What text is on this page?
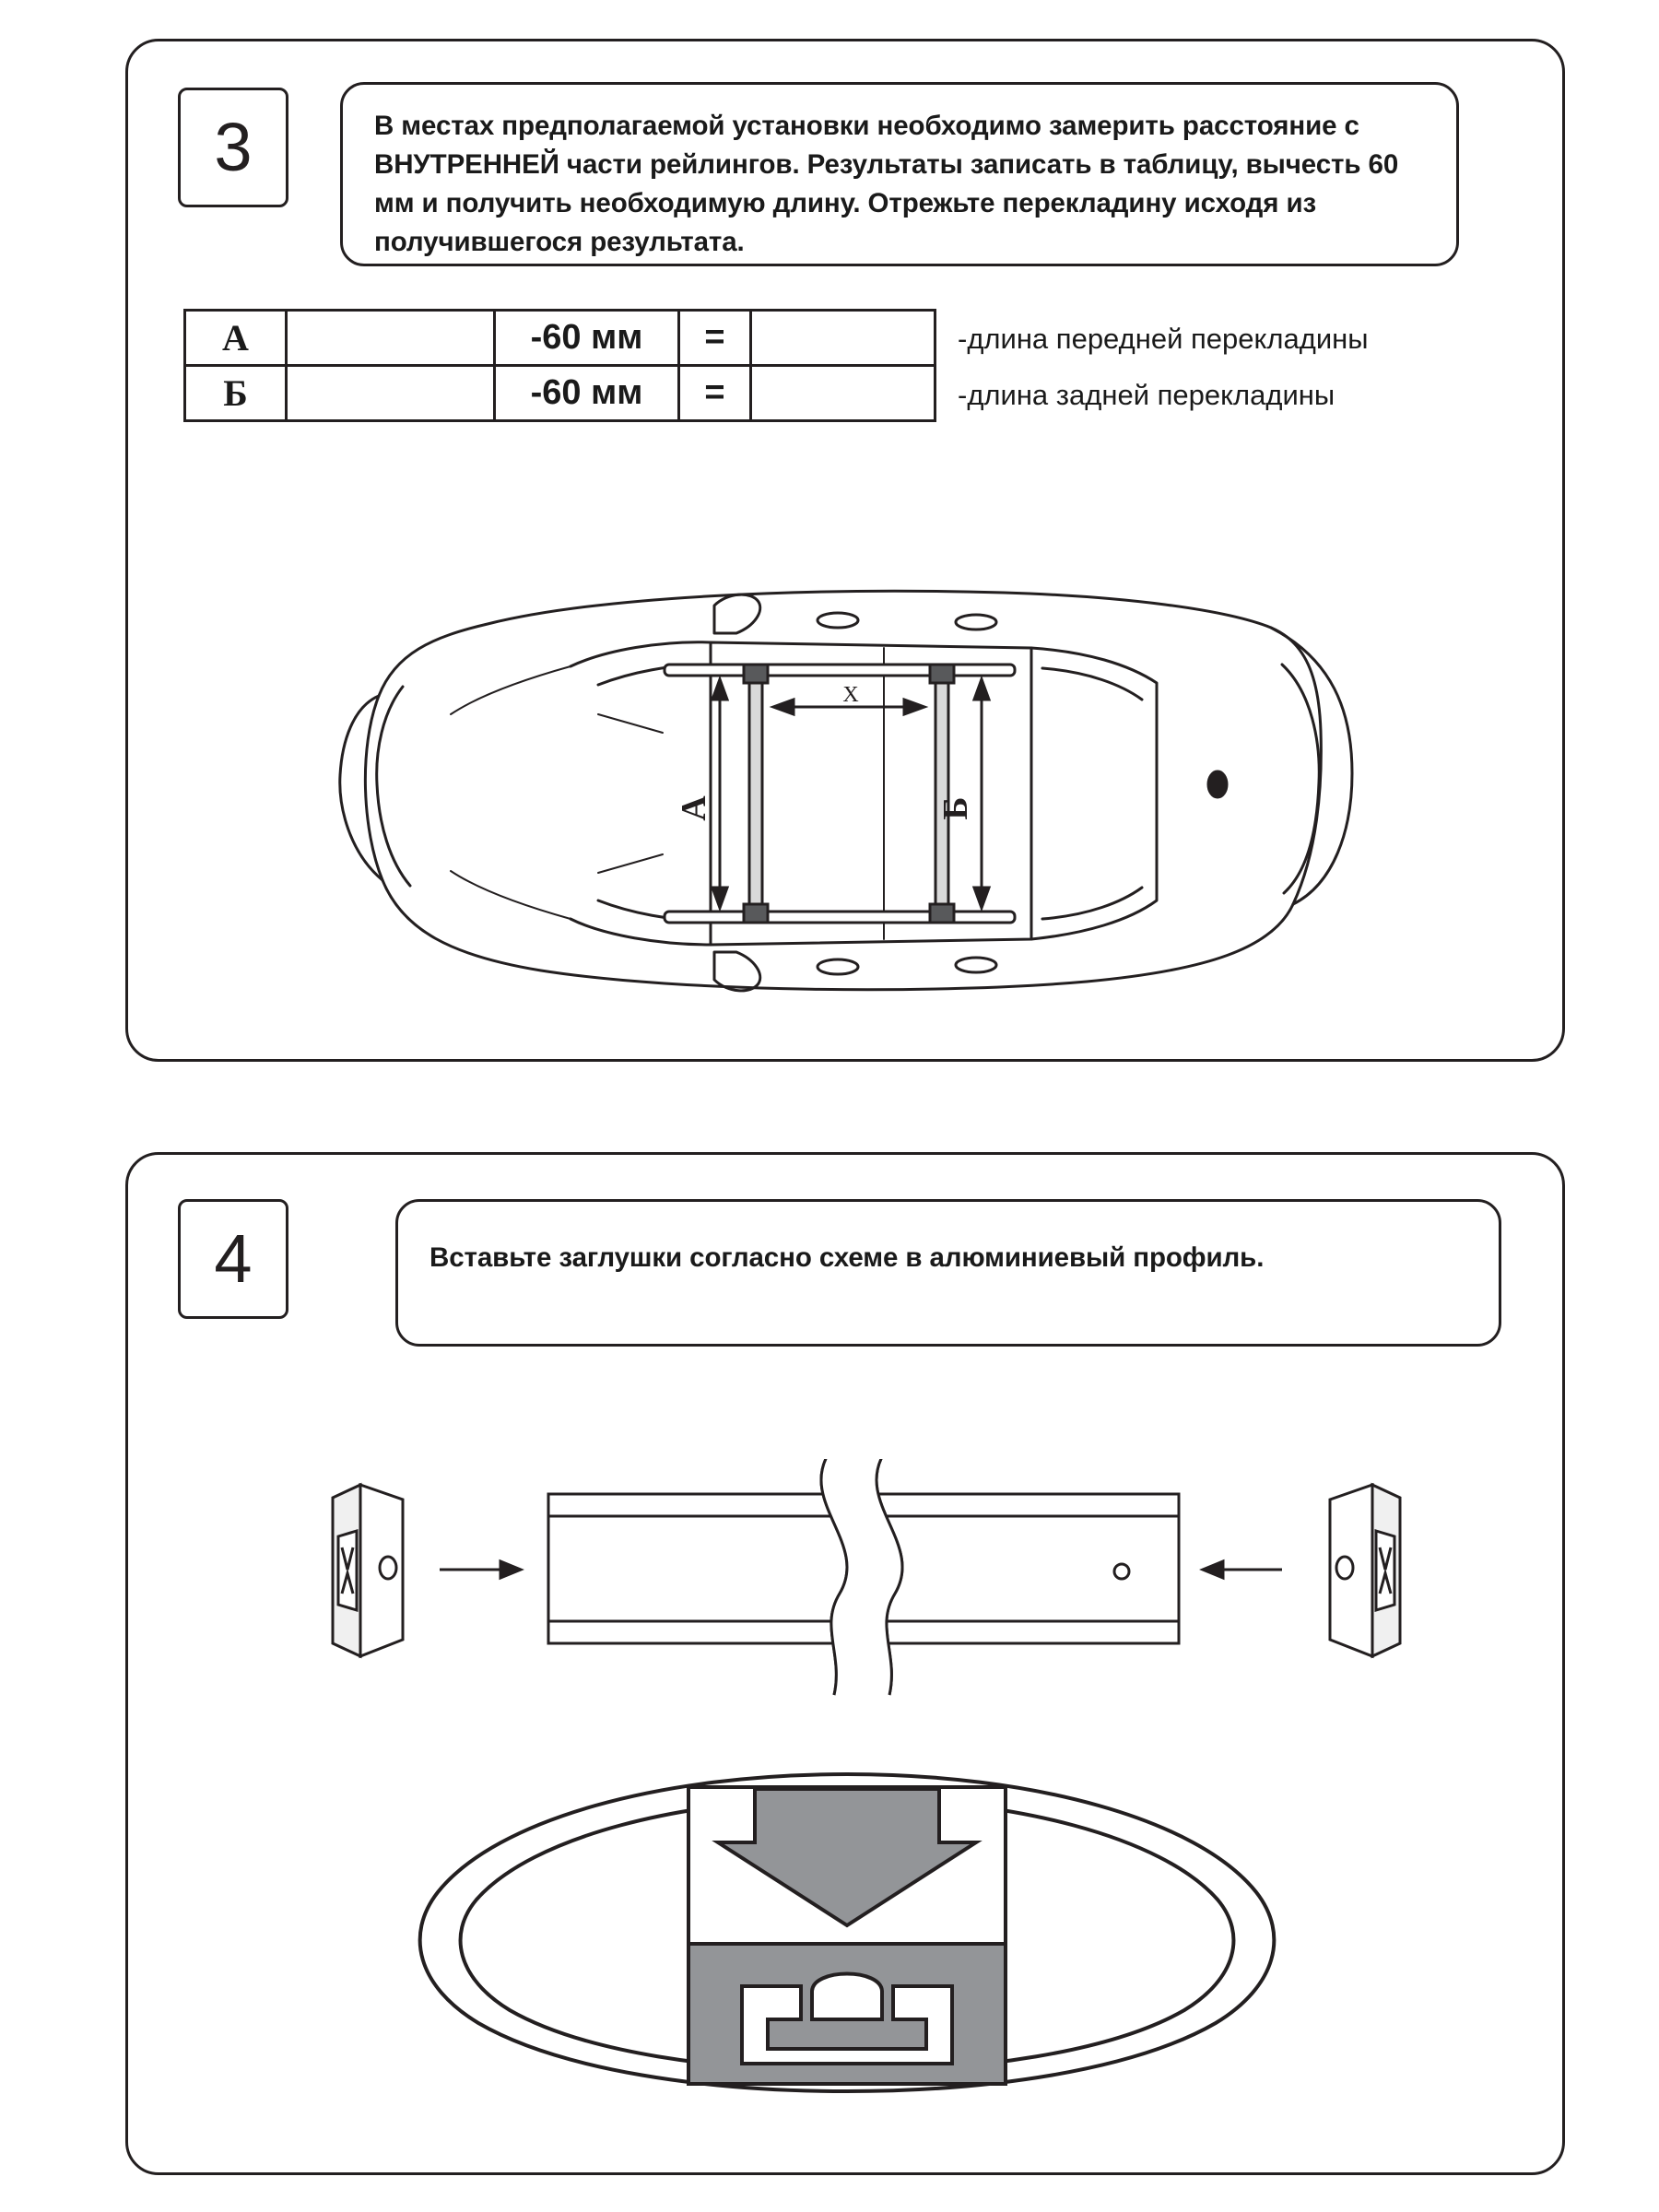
3	В местах предполагаемой установки необходимо замерить расстояние с ВНУТРЕННЕЙ части рейлингов. Результаты записать в таблицу, вычесть 60 мм и получить необходимую длину. Отрежьте перекладину исходя из получившегося результата.
А		-60 мм	=	
Б		-60 мм	=	
-длина передней перекладины
-длина задней перекладины
А	Б
X
4	Вставьте заглушки согласно схеме в алюминиевый профиль.
